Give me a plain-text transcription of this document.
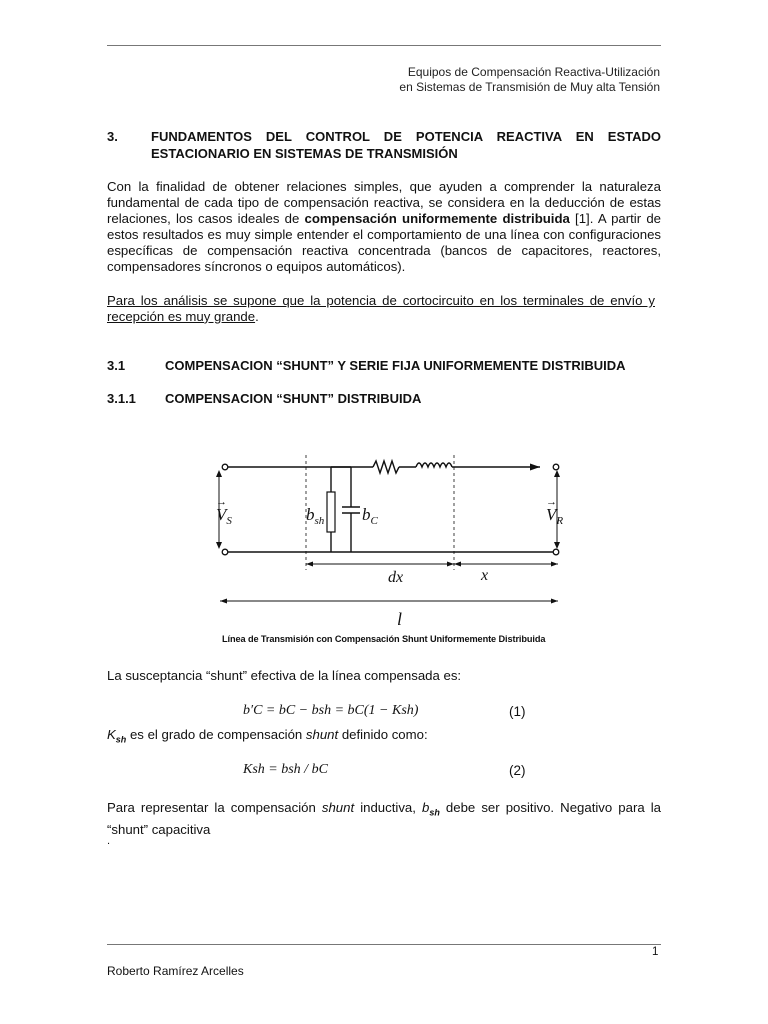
Equipos de Compensación Reactiva-Utilización
en Sistemas de Transmisión de Muy alta Tensión
3.	FUNDAMENTOS DEL CONTROL DE POTENCIA REACTIVA EN ESTADO
ESTACIONARIO EN SISTEMAS DE TRANSMISIÓN
Con la finalidad de obtener relaciones simples, que ayuden a comprender la naturaleza fundamental de cada tipo de compensación reactiva, se considera en la deducción de estas relaciones, los casos ideales de compensación uniformemente distribuida [1]. A partir de estos resultados es muy simple entender el comportamiento de una línea con configuraciones específicas de compensación reactiva concentrada (bancos de capacitores, reactores, compensadores síncronos o equipos automáticos).
Para los análisis se supone que la potencia de cortocircuito en los terminales de envío y recepción es muy grande.
3.1	COMPENSACION “SHUNT” Y SERIE FIJA UNIFORMEMENTE DISTRIBUIDA
3.1.1 COMPENSACION “SHUNT” DISTRIBUIDA
$V_S$
→
$V_R$
→
$b_{sh}$ $b_C$
dx	x
l
Línea de Transmisión con Compensación Shunt Uniformemente Distribuida
La susceptancia “shunt” efectiva de la línea compensada es:
b′C = bC − bsh = bC(1 − Ksh)	(1)
$K_{sh}$ es el grado de compensación shunt definido como:
Ksh = bsh / bC	(2)
Para representar la compensación shunt inductiva, $b_{sh}$ debe ser positivo. Negativo para la “shunt” capacitiva
.
1
Roberto Ramírez Arcelles
